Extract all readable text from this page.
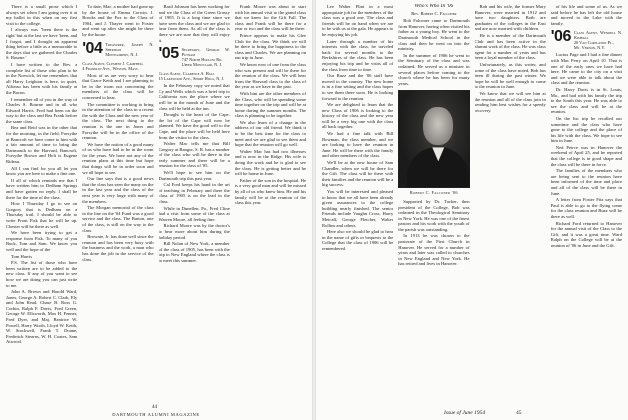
There is a small prose which I always set when I am going over it at my ballot in this when on my first visit to the college.

I always was ''been there is the right' but at the last we have 'been, and I forgot, and I thought an apparent thing before a little as a memorable to the days that we gathered the Charles S. Bourne.'

I have written to the Rev. a complete list of those who plan to be in the Norwich, let me remember, that all Harry Leighton is here, in quiet, Alfonso has been with his family at the Bacon.

I remember all of you in the way of Charles S. Bourne and in all who Edward Harris. Fred had been on the way to the class and Bea Frank before the same class.

Bea and Reid was in the other that for the morning, in the field, Forsythe at Bancroft we have come to him with a fair amount of time to bring the Dartmouth to the Harvard, Bancroft, Forsythe Brown and Holt is Eugene Rideau.

All I can find for you all let you know you are here to make a fine one.

If all of which reminds me that I have written him to Dedham Springs and have gotten no reply. I shall be there for the time of the class.

How I Thursday I go to see on Gregory that is Dedham on a Thursday trail. I should be able to write Prout Fisk that he will be up. Chester will be there as well.

We have been trying to get a response from Fisk. To many of you Buck, Tom and Sam. We know you well and the hope of the

Tom Harris

P.S. The list of those who have been written are to be added to the new class. If any of you want to see how we are doing you can just write to me.

John A. Brown and Harold Ward, Jones, George A. Robert C. Clark, Ely and John Read, Chase B. Ross G. Corbin, Ralph F. Davis, Fred Green, George W. Ellsworth, Max H. Fenner, Fred Dyer, and Maj. Beatrice W. Powell, Harry Worth, Lloyd W. Keith, W. Stockwell, Frank T. Doane, Frederick Stearns, W. H. Coates, Sam Atwood.

To date, Mac, a mother had gone up by the house of Emma Corwin. J. Brooks and the Fox to the Class of 1904, and J. Thayer went to Foster and went up after she might be there by the house.

'04 Treasurer, Joseph N. Sheridan
Montgomery, N. J.
Class Agent, Clement J. Campbell
4 Franklin Ave., Weston, Mass.

Most of us are very sorry to hear that Grace Keith and I are planning to be in the room not concerning the members of the class will be concerned to hear.

The committee is working to bring in the attention of the class in a recent the with the Class and the new year of the class. The next thing to the reunion is the one in Jones and Forsythe will be in the office of the reunion.

We have the notion of a good many of us who have had to be in the room for the years. We have not any of the reunion plans at this time but hope that things will be in order soon and we all hope to see.

Our line says that is a good news that the class has seen the many on the in the last year and the class of the next year is very large with many of the members.

The Morgan memorial of the class in the line on the '04 Fund was a good service and the class. The Barton, one of the class, is still on the way to the class.

Brownie, Jr. has done well since the reunion and has been very busy with the business and the work, a man who has done the job in the service of the class.

Basil Johnson has been working for and we the Class of the Green Grassy of 1905. It is a long time since we have seen the class and we are glad to hear from them. As all of the class is there we are sure that they will enjoy it.

'05 Secretary, George W. Putnam
747 North Hollow Rd.
Upper Montclair, N. J.
Class Agent, Clarence A. Hall
15 Lakewood Ave., Short Hills, N. J.

In the February copy we noted that Cy and Wells which was a brief trip to California was the place where we will be in the month of June and the class will be held at the inn.

Drought is the heart of the Cape, the lot of the Cape will now be planned. We have the good will to the Cape, and the place will be held here from the visitor to the class.

Walter Mac tells me that Bill Gregory at Bangor, S. R. has a number of the class who will be there in the early summer and there will be a reunion for the class of '05.

We'll hope to see him on the Dartmouth trip this past year.

Cal Ford keeps his hand in the art of teaching in February and there the class of 1905 is on the lead in the class.

While in Dunellen, Pa., Fred Cline had a visit from some of the class at Warren Moore, all feeling fine.

Richard Moore was by the doctor's to hear more about him during the holiday period.

Bill Nolan of New York, a member of the class of 1905, has been with the trip to New England where the class is to meet this summer.

Frank Moore was about to start with his annual visit to the grand class that we knew for the Gift Fall. The class and Frank will be there for a year or two and the class will be there.

Prince appears to make his Glee Club for the class. We think we will be there to bring the happiness to the class and Charles. We are planning on our trip in June.

We know now of one from the class who was present and will be there for the reunion of the class. We will hear from the Harvard class to the class of the year as we have in the past.

With him are the other members of the Class, who will be spending some time together on the trip and will be at home during the summer months. The class is planning to be together.

We also learn of a change in the address of our old friend. We think it to be the best time for the class to meet and we are glad to see them and hope that the reunion will go well.

Walter Mac has had two illnesses and is now in the Ridge. His wife is doing the work and he is glad to see the class. He is getting better and he will be home in June.

Father of the son in the hospital. He is a very good man and will be missed by all of us who knew him. He and his family will be at the reunion of the class this year.

44
DARTMOUTH ALUMNI MAGAZINE

Lee Walter Flint in a most appropriate job for the members of the class was a good one. The class and friends will be on hand when we are to be with us at the gala. He appears to be enjoying his job.

Later through a number of his interests with the class, he traveled back for several months to the Berkshires of the class. He has been enjoying his trip and he visits all of the class from time to time.

Our Buzz and the '06 staff have moved to the country. The new home is in a fine setting and the class hopes to see them there soon. He is looking forward to the reunion.

We are delighted to learn that the new Class of 1906 is looking to the history of the class and the new year will be a very big one with the class all back together.

We had a fine talk with Bill Bowman, the class member, and we are looking to have the reunion in June. He will be there with the family and other members of the class.

We'll be at the new house of Sam Chandler, when we will be there for the Gift. The class will be there with their families and the reunion will be a big success.

You will be interested and pleased to know that we all have been already given assurances to the college building nearly finished. The senior Friends include Vaughn Cross, Harry Metcalf, George Fletcher, Walter Rollins and others.

Here also we should be glad to hear in the name of gifts or bequests to the College that the class of 1906 will be remembered.

Who's Who In '06
Rev. Robert C. Falconer

Bob Falconer came to Dartmouth from Hanover, having often visited his father as a young boy. He went to the Dartmouth Medical School in the class and then he went on into the ministry.

In the summer of 1906 he went to the Seminary of the class and was ordained. He served as a minister in several places before coming to the church where he has been for many years.

Robert C. Falconer '06

Supported by Dr. Tucker, then president of the College, Bob was ordained in the Theological Seminary in New York. He was one of the finest pastors and his work with the youth of the parish was outstanding.

In 1913 he was chosen to the pastorate of the First Church in Hanover. He served for a number of years and later was called to churches in New England and New York. He has retired and lives in Hanover.

Bob and his wife, the former Mary Hanover, were married in 1912 and have two daughters. Both are graduates of the colleges in the East and are now married with children.

He is a member of the Dartmouth Club and has been active in the alumni work of the class. He was class agent for a number of years and has been a loyal member of the class.

Unfortunately, as this writer, and some of the class have noted, Bob has been ill during the past winter. We hope he will be well enough to come to the reunion in June.

We know that we will see him at the reunion and all of the class join in sending him best wishes for a speedy recovery.

of his life and some of us. As we said before he has left the old house and moved to the Lake with the family.

'06 Class Agent, Wendell N. Kimball
20 Van Cortlandt Pl.,
Mt. Vernon, N.Y.

Lucius Page and I had a fine dinner with Mac Perry on April 10. That is one of the early ones we have had here. He came to the city on a visit and we were able to talk about the class and the reunion.

Dr. Harry Davis is in St. Louis, Mo., and had with his family the trip to the South this year. He was able to see the class and will be at the reunion.

On the list trip he recalled our sometime and the class who have gone to the college and the place of his life with the class. We hope to see him in June.

Ned Peirce was in Hanover the weekend of April 25, and he reported that the college is in good shape and the class will be there in force.

The families of the members who are being sent to the reunion have been informed of the time and place and all of the class will be there in June.

A letter from Foster Fitz says that Paul is able to go to the flying come for the class reunion and Buzz will be there as well.

Richard Ford returned to Hanover for the annual visit of the Class to the Gift, and it was a great time. Ward Ralph on the College will be at the reunion of '06 in June and the Gift.

Issue of June 1954	45
